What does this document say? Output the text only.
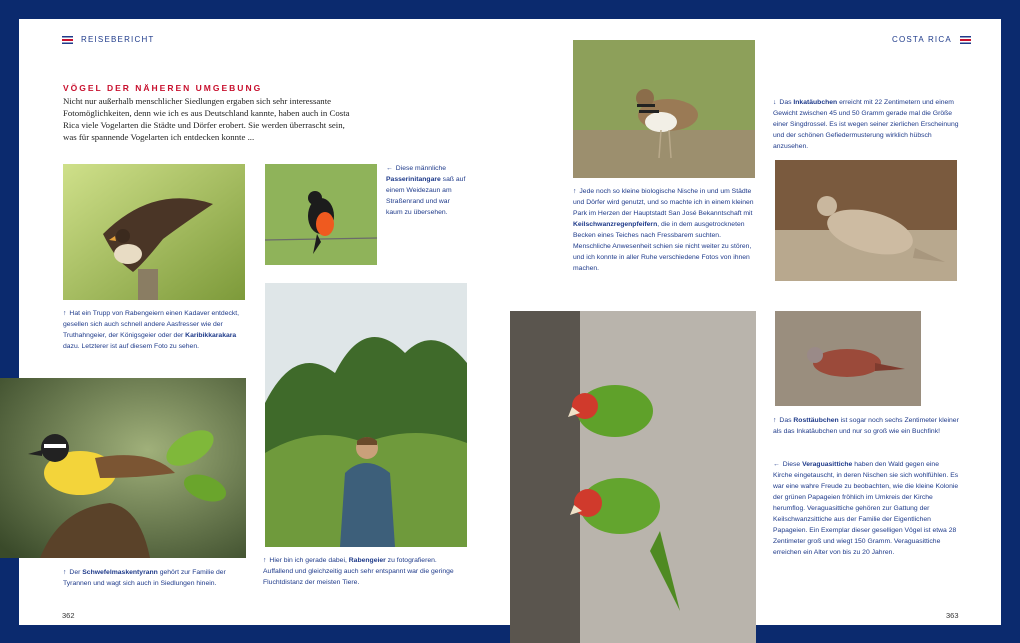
REISEBERICHT
VÖGEL DER NÄHEREN UMGEBUNG
Nicht nur außerhalb menschlicher Siedlungen ergaben sich sehr interessante Fotomöglichkeiten, denn wie ich es aus Deutschland kannte, haben auch in Costa Rica viele Vogelarten die Städte und Dörfer erobert. Sie werden überrascht sein, was für spannende Vogelarten ich entdecken konnte ...
↑ Hat ein Trupp von Rabengeiern einen Kadaver entdeckt, gesellen sich auch schnell andere Aasfresser wie der Truthahngeier, der Königsgeier oder der Karibikkarakara dazu. Letzterer ist auf diesem Foto zu sehen.
← Diese männliche Passerinitangare saß auf einem Weidezaun am Straßenrand und war kaum zu übersehen.
↑ Der Schwefelmaskentyrann gehört zur Familie der Tyrannen und wagt sich auch in Siedlungen hinein.
↑ Hier bin ich gerade dabei, Rabengeier zu fotografieren. Auffallend und gleichzeitig auch sehr entspannt war die geringe Fluchtdistanz der meisten Tiere.
362
COSTA RICA
↑ Jede noch so kleine biologische Nische in und um Städte und Dörfer wird genutzt, und so machte ich in einem kleinen Park im Herzen der Hauptstadt San José Bekanntschaft mit Keilschwanzregenpfeifern, die in dem ausgetrockneten Becken eines Teiches nach Fressbarem suchten. Menschliche Anwesenheit schien sie nicht weiter zu stören, und ich konnte in aller Ruhe verschiedene Fotos von ihnen machen.
↓ Das Inkatäubchen erreicht mit 22 Zentimetern und einem Gewicht zwischen 45 und 50 Gramm gerade mal die Größe einer Singdrossel. Es ist wegen seiner zierlichen Erscheinung und der schönen Gefiedermusterung wirklich hübsch anzusehen.
↑ Das Rosttäubchen ist sogar noch sechs Zentimeter kleiner als das Inkatäubchen und nur so groß wie ein Buchfink!
← Diese Veraguasittiche haben den Wald gegen eine Kirche eingetauscht, in deren Nischen sie sich wohlfühlen. Es war eine wahre Freude zu beobachten, wie die kleine Kolonie der grünen Papageien fröhlich im Umkreis der Kirche herumflog. Veraguasittiche gehören zur Gattung der Keilschwanzsittiche aus der Familie der Eigentlichen Papageien. Ein Exemplar dieser geselligen Vögel ist etwa 28 Zentimeter groß und wiegt 150 Gramm. Veraguasittiche erreichen ein Alter von bis zu 20 Jahren.
363
